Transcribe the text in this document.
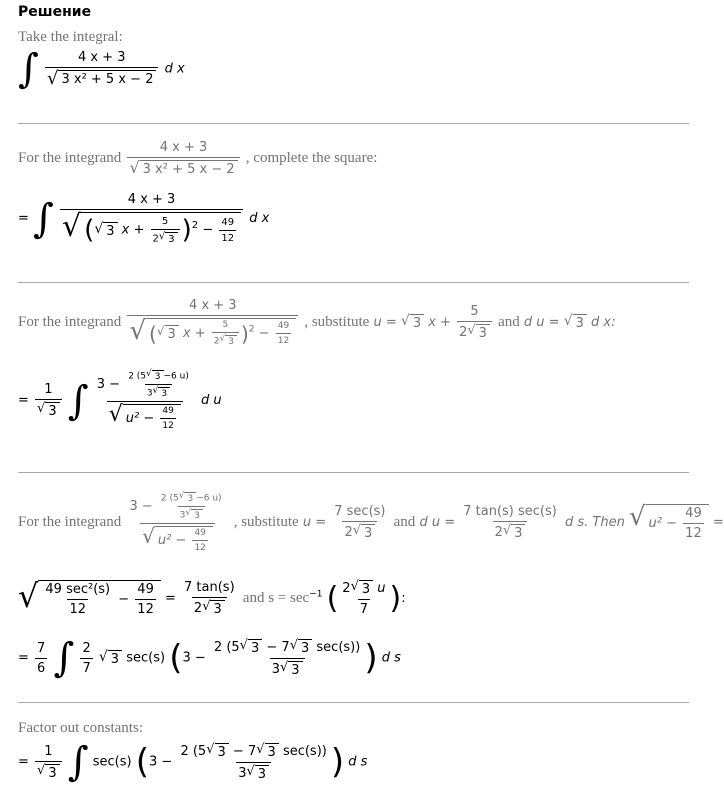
Решение
Take the integral:
∫ $\frac{4 x + 3}{\text{√ 3 x² + 5 x − 2}}$ d x
For the integrand $\frac{4 x + 3}{\text{√ 3 x² + 5 x − 2}}$ , complete the square:
= ∫	4 x + 3
√ ( √ 3 $x + \frac{5}{2 √ 3} )^2 - \frac{49}{12}$ d x
For the integrand
4 x + 3
√ ( √ 3 $x + \frac{5}{2 √ 3} )^2 - \frac{49}{12}$ , substitute u = √ 3 $x + \frac{5}{2 √ 3}$ and d u = √ 3 d x:
= $\frac{1}{√ 3}$ ∫ $\frac{3 - \frac{2 (5 √ 3 -6 u)}{3 √ 3}}{√ u^2 - \frac{49}{12}}$ d u
For the integrand $\frac{3 - \frac{2 (5 √ 3 -6 u)}{3 √ 3}}{√ u^2 - \frac{49}{12}}$ , substitute $u = \frac{7 \sec(s)}{2 √ 3}$ and d $u = \frac{7 \tan(s) \sec(s)}{2 √ 3}$ d s. Then √ $u^2 - \frac{49}{12}$ =
√ $\frac{\text{49 sec²(s)}}{12} - \frac{49}{12} = \frac{7 \tan(s)}{2 √ 3}$ and $s = \sec^{-1}$ ( $\frac{2 √ 3 u}{7}$ ):
= $\frac{7}{6}$ ∫ $\frac{2}{7}$
√ 3 sec(s) ($3 - \frac{2 (5 √ 3 - 7 √ 3 \sec(s))}{3 √ 3}$ ) d s
Factor out constants:
= $\frac{1}{√ 3}$ ∫ sec(s) ($3 - \frac{2 (5 √ 3 - 7 √ 3 \sec(s))}{3 √ 3}$ ) d s
